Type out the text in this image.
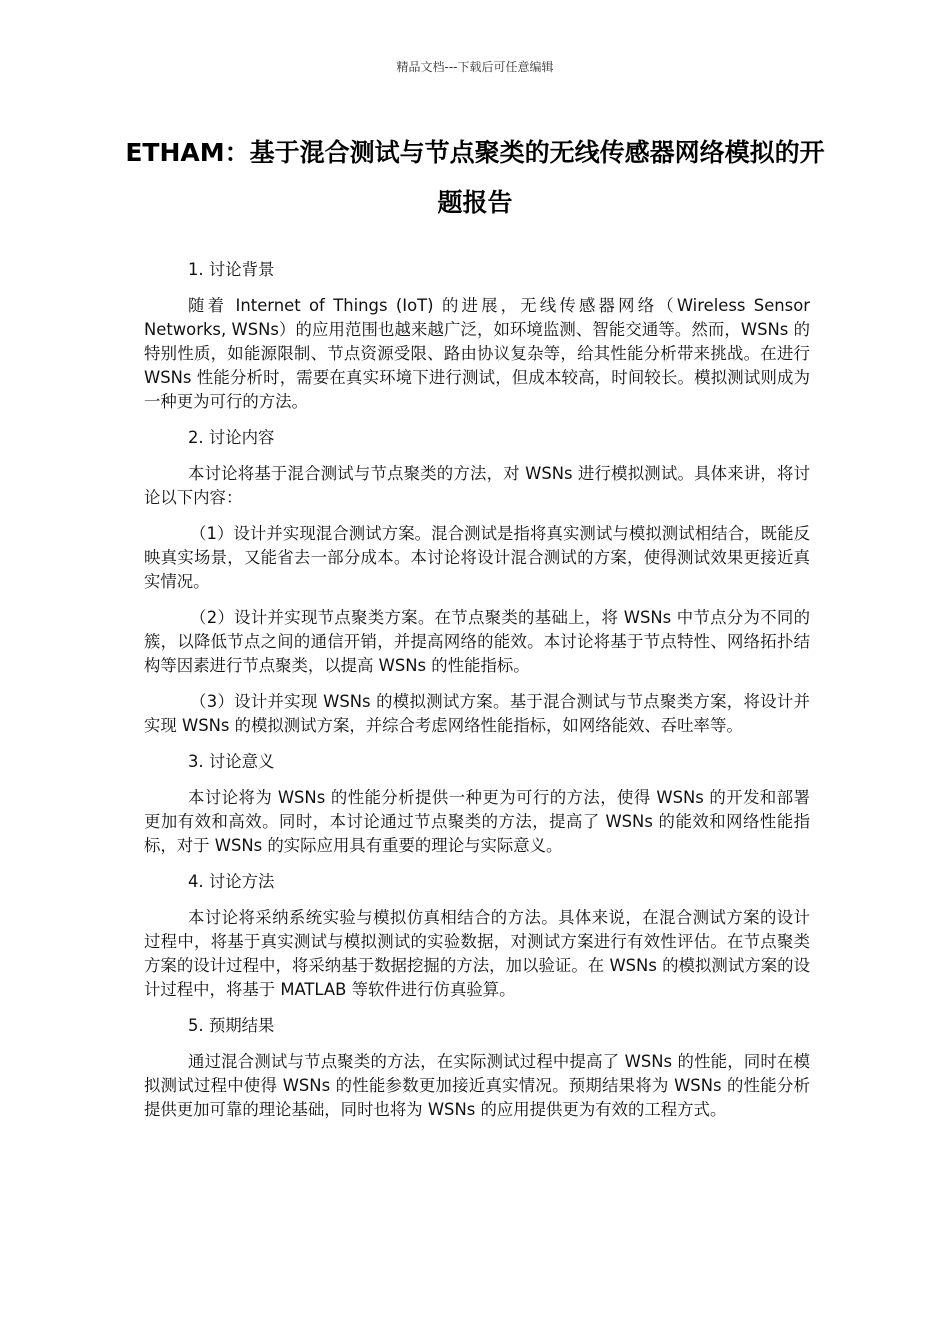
精品文档---下载后可任意编辑
ETHAM：基于混合测试与节点聚类的无线传感器网络模拟的开题报告

1. 讨论背景

随着 Internet of Things (IoT) 的进展，无线传感器网络（Wireless Sensor Networks, WSNs）的应用范围也越来越广泛，如环境监测、智能交通等。然而，WSNs 的特别性质，如能源限制、节点资源受限、路由协议复杂等，给其性能分析带来挑战。在进行 WSNs 性能分析时，需要在真实环境下进行测试，但成本较高，时间较长。模拟测试则成为一种更为可行的方法。

2. 讨论内容

本讨论将基于混合测试与节点聚类的方法，对 WSNs 进行模拟测试。具体来讲，将讨论以下内容：

（1）设计并实现混合测试方案。混合测试是指将真实测试与模拟测试相结合，既能反映真实场景，又能省去一部分成本。本讨论将设计混合测试的方案，使得测试效果更接近真实情况。

（2）设计并实现节点聚类方案。在节点聚类的基础上，将 WSNs 中节点分为不同的簇，以降低节点之间的通信开销，并提高网络的能效。本讨论将基于节点特性、网络拓扑结构等因素进行节点聚类，以提高 WSNs 的性能指标。

（3）设计并实现 WSNs 的模拟测试方案。基于混合测试与节点聚类方案，将设计并实现 WSNs 的模拟测试方案，并综合考虑网络性能指标，如网络能效、吞吐率等。

3. 讨论意义

本讨论将为 WSNs 的性能分析提供一种更为可行的方法，使得 WSNs 的开发和部署更加有效和高效。同时，本讨论通过节点聚类的方法，提高了 WSNs 的能效和网络性能指标，对于 WSNs 的实际应用具有重要的理论与实际意义。

4. 讨论方法

本讨论将采纳系统实验与模拟仿真相结合的方法。具体来说，在混合测试方案的设计过程中，将基于真实测试与模拟测试的实验数据，对测试方案进行有效性评估。在节点聚类方案的设计过程中，将采纳基于数据挖掘的方法，加以验证。在 WSNs 的模拟测试方案的设计过程中，将基于 MATLAB 等软件进行仿真验算。

5. 预期结果

通过混合测试与节点聚类的方法，在实际测试过程中提高了 WSNs 的性能，同时在模拟测试过程中使得 WSNs 的性能参数更加接近真实情况。预期结果将为 WSNs 的性能分析提供更加可靠的理论基础，同时也将为 WSNs 的应用提供更为有效的工程方式。
